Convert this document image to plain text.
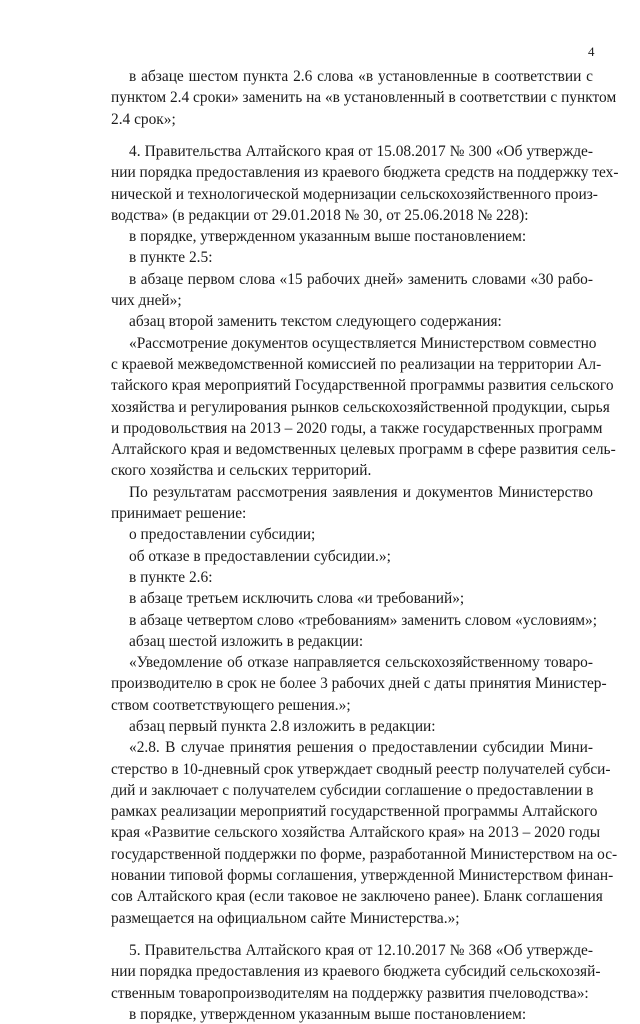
4
в абзаце шестом пункта 2.6 слова «в установленные в соответствии с
пунктом 2.4 сроки» заменить на «в установленный в соответствии с пунктом
2.4 срок»;
4. Правительства Алтайского края от 15.08.2017 № 300 «Об утвержде-
нии порядка предоставления из краевого бюджета средств на поддержку тех-
нической и технологической модернизации сельскохозяйственного произ-
водства» (в редакции от 29.01.2018 № 30, от 25.06.2018 № 228):
в порядке, утвержденном указанным выше постановлением:
в пункте 2.5:
в абзаце первом слова «15 рабочих дней» заменить словами «30 рабо-
чих дней»;
абзац второй заменить текстом следующего содержания:
«Рассмотрение документов осуществляется Министерством совместно
с краевой межведомственной комиссией по реализации на территории Ал-
тайского края мероприятий Государственной программы развития сельского
хозяйства и регулирования рынков сельскохозяйственной продукции, сырья
и продовольствия на 2013 – 2020 годы, а также государственных программ
Алтайского края и ведомственных целевых программ в сфере развития сель-
ского хозяйства и сельских территорий.
По результатам рассмотрения заявления и документов Министерство
принимает решение:
о предоставлении субсидии;
об отказе в предоставлении субсидии.»;
в пункте 2.6:
в абзаце третьем исключить слова «и требований»;
в абзаце четвертом слово «требованиям» заменить словом «условиям»;
абзац шестой изложить в редакции:
«Уведомление об отказе направляется сельскохозяйственному товаро-
производителю в срок не более 3 рабочих дней с даты принятия Министер-
ством соответствующего решения.»;
абзац первый пункта 2.8 изложить в редакции:
«2.8. В случае принятия решения о предоставлении субсидии Мини-
стерство в 10-дневный срок утверждает сводный реестр получателей субси-
дий и заключает с получателем субсидии соглашение о предоставлении в
рамках реализации мероприятий государственной программы Алтайского
края «Развитие сельского хозяйства Алтайского края» на 2013 – 2020 годы
государственной поддержки по форме, разработанной Министерством на ос-
новании типовой формы соглашения, утвержденной Министерством финан-
сов Алтайского края (если таковое не заключено ранее). Бланк соглашения
размещается на официальном сайте Министерства.»;
5. Правительства Алтайского края от 12.10.2017 № 368 «Об утвержде-
нии порядка предоставления из краевого бюджета субсидий сельскохозяй-
ственным товаропроизводителям на поддержку развития пчеловодства»:
в порядке, утвержденном указанным выше постановлением:
